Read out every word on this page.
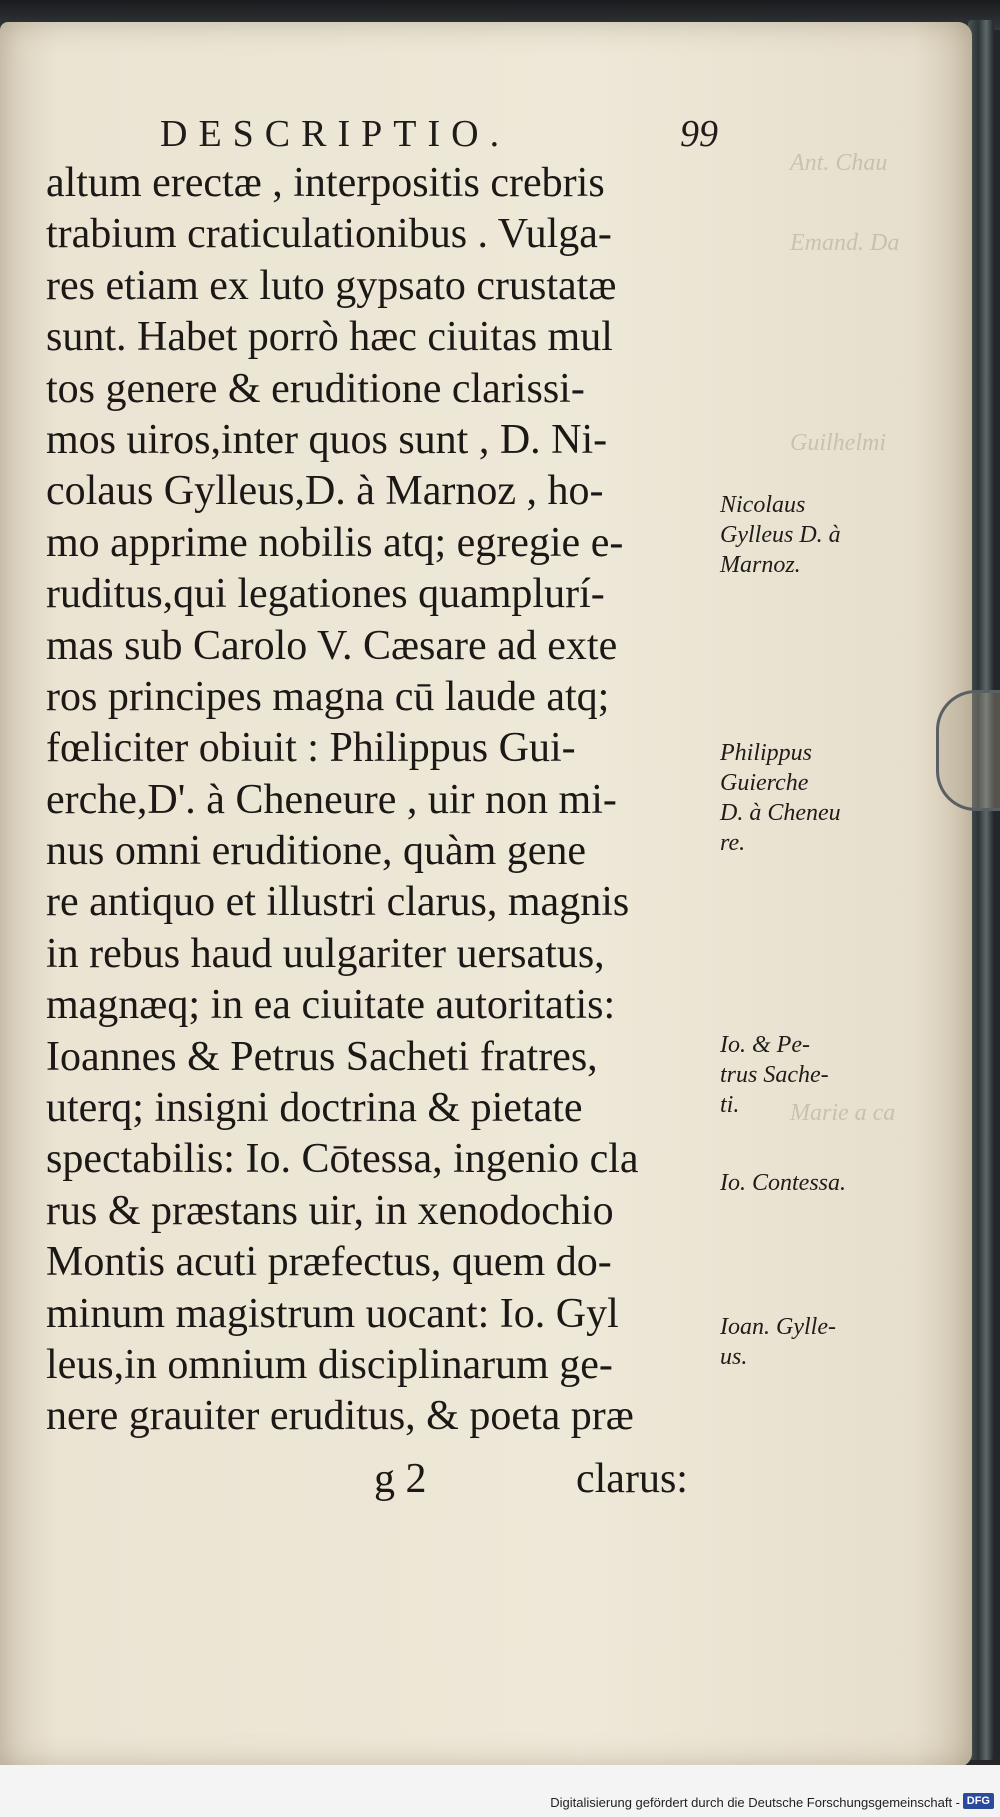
Ant. Chau
Emand. Da
Guilhelmi
Marie a ca
DESCRIPTIO.	99
altum erectæ , interpositis crebris
trabium craticulationibus . Vulga-
res etiam ex luto gypsato crustatæ
sunt. Habet porrò hæc ciuitas mul
tos genere & eruditione clarissi-
mos uiros,inter quos sunt , D. Ni-
colaus Gylleus,D. à Marnoz , ho-
mo apprime nobilis atq; egregie e-
ruditus,qui legationes quamplurí-
mas sub Carolo V. Cæsare ad exte
ros principes magna cū laude atq;
fœliciter obiuit : Philippus Gui-
erche,D'. à Cheneure , uir non mi-
nus omni eruditione, quàm gene
re antiquo et illustri clarus, magnis
in rebus haud uulgariter uersatus,
magnæq; in ea ciuitate autoritatis:
Ioannes & Petrus Sacheti fratres,
uterq; insigni doctrina & pietate
spectabilis: Io. Cōtessa, ingenio cla
rus & præstans uir, in xenodochio
Montis acuti præfectus, quem do-
minum magistrum uocant: Io. Gyl
leus,in omnium disciplinarum ge-
nere grauiter eruditus, & poeta præ
g 2	clarus:
Nicolaus
Gylleus D. à
Marnoz.
Philippus
Guierche
D. à Cheneu
re.
Io. & Pe-
trus Sache-
ti.
Io. Contessa.
Ioan. Gylle-
us.
Digitalisierung gefördert durch die Deutsche Forschungsgemeinschaft - DFG
